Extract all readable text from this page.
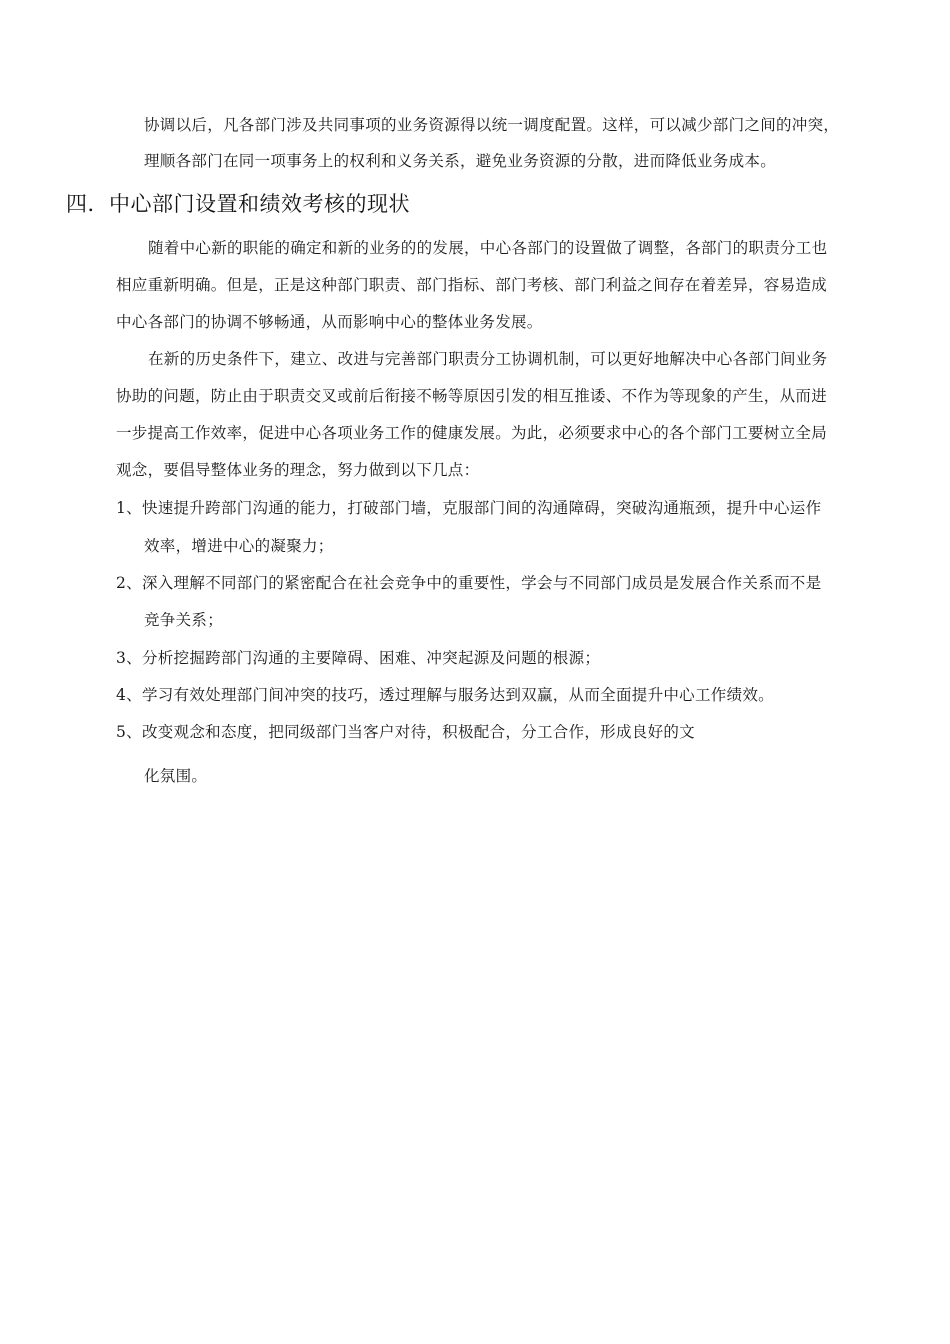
协调以后，凡各部门涉及共同事项的业务资源得以统一调度配置。这样，可以减少部门之间的冲突，
理顺各部门在同一项事务上的权利和义务关系，避免业务资源的分散，进而降低业务成本。
四．中心部门设置和绩效考核的现状
随着中心新的职能的确定和新的业务的的发展，中心各部门的设置做了调整，各部门的职责分工也
相应重新明确。但是，正是这种部门职责、部门指标、部门考核、部门利益之间存在着差异，容易造成
中心各部门的协调不够畅通，从而影响中心的整体业务发展。
在新的历史条件下，建立、改进与完善部门职责分工协调机制，可以更好地解决中心各部门间业务
协助的问题，防止由于职责交叉或前后衔接不畅等原因引发的相互推诿、不作为等现象的产生，从而进
一步提高工作效率，促进中心各项业务工作的健康发展。为此，必须要求中心的各个部门工要树立全局
观念，要倡导整体业务的理念，努力做到以下几点：
1、快速提升跨部门沟通的能力，打破部门墙，克服部门间的沟通障碍，突破沟通瓶颈，提升中心运作
效率，增进中心的凝聚力；
2、深入理解不同部门的紧密配合在社会竞争中的重要性，学会与不同部门成员是发展合作关系而不是
竞争关系；
3、分析挖掘跨部门沟通的主要障碍、困难、冲突起源及问题的根源；
4、学习有效处理部门间冲突的技巧，透过理解与服务达到双赢，从而全面提升中心工作绩效。
5、改变观念和态度，把同级部门当客户对待，积极配合，分工合作，形成良好的文
化氛围。
